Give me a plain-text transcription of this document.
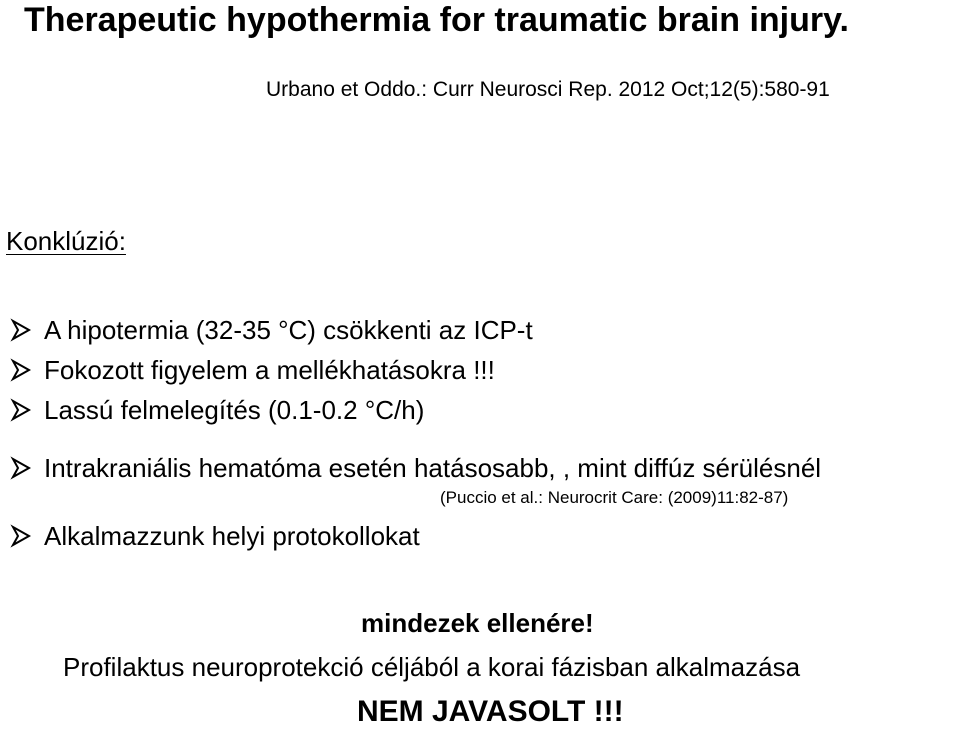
Therapeutic hypothermia for traumatic brain injury.
Urbano et Oddo.: Curr Neurosci Rep. 2012 Oct;12(5):580-91
Konklúzió:
A hipotermia (32-35 °C) csökkenti az ICP-t
Fokozott figyelem a mellékhatásokra !!!
Lassú felmelegítés (0.1-0.2 °C/h)
Intrakraniális hematóma esetén hatásosabb, , mint diffúz sérülésnél
(Puccio et al.: Neurocrit Care: (2009)11:82-87)
Alkalmazzunk helyi protokollokat
mindezek ellenére!
Profilaktus neuroprotekció céljából a korai fázisban alkalmazása
NEM JAVASOLT !!!
